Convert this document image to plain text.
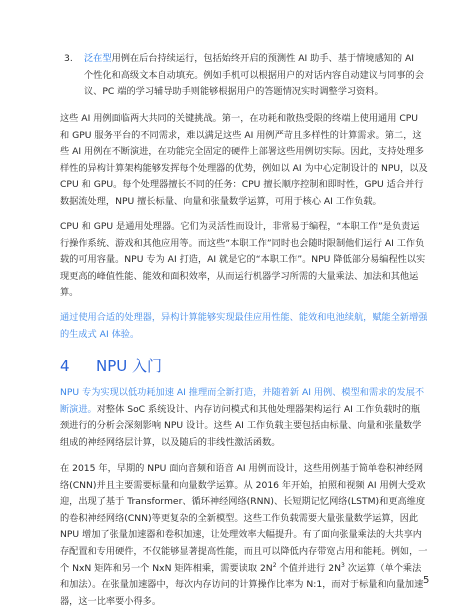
3. 泛在型用例在后台持续运行，包括始终开启的预测性 AI 助手、基于情境感知的 AI 个性化和高级文本自动填充。例如手机可以根据用户的对话内容自动建议与同事的会议、PC 端的学习辅导助手则能够根据用户的答题情况实时调整学习资料。
这些 AI 用例面临两大共同的关键挑战。第一，在功耗和散热受限的终端上使用通用 CPU 和 GPU 服务平台的不同需求，难以满足这些 AI 用例严苛且多样性的计算需求。第二，这些 AI 用例在不断演进，在功能完全固定的硬件上部署这些用例切实际。因此，支持处理多样性的异构计算架构能够发挥每个处理器的优势，例如以 AI 为中心定制设计的 NPU，以及 CPU 和 GPU。每个处理器擅长不同的任务：CPU 擅长顺序控制和即时性，GPU 适合并行数据流处理，NPU 擅长标量、向量和张量数学运算，可用于核心 AI 工作负载。
CPU 和 GPU 是通用处理器。它们为灵活性而设计，非常易于编程，“本职工作”是负责运行操作系统、游戏和其他应用等。而这些“本职工作”同时也会随时限制他们运行 AI 工作负载的可用容量。NPU 专为 AI 打造，AI 就是它的“本职工作”。NPU 降低部分易编程性以实现更高的峰值性能、能效和面积效率，从而运行机器学习所需的大量乘法、加法和其他运算。
通过使用合适的处理器，异构计算能够实现最佳应用性能、能效和电池续航，赋能全新增强的生成式 AI 体验。
4 NPU 入门
NPU 专为实现以低功耗加速 AI 推理而全新打造，并随着新 AI 用例、模型和需求的发展不断演进。对整体 SoC 系统设计、内存访问模式和其他处理器架构运行 AI 工作负载时的瓶颈进行的分析会深刻影响 NPU 设计。这些 AI 工作负载主要包括由标量、向量和张量数学组成的神经网络层计算，以及随后的非线性激活函数。
在 2015 年，早期的 NPU 面向音频和语音 AI 用例而设计，这些用例基于简单卷积神经网络(CNN)并且主要需要标量和向量数学运算。从 2016 年开始，拍照和视频 AI 用例大受欢迎，出现了基于 Transformer、循环神经网络(RNN)、长短期记忆网络(LSTM)和更高维度的卷积神经网络(CNN)等更复杂的全新模型。这些工作负载需要大量张量数学运算，因此 NPU 增加了张量加速器和卷积加速，让处理效率大幅提升。有了面向张量乘法的大共享内存配置和专用硬件，不仅能够显著提高性能，而且可以降低内存带宽占用和能耗。例如，一个 NxN 矩阵和另一个 NxN 矩阵相乘，需要读取 $2N^2$ 个值并进行 $2N^3$ 次运算（单个乘法和加法）。在张量加速器中，每次内存访问的计算操作比率为 N:1，而对于标量和向量加速器，这一比率要小得多。
5
